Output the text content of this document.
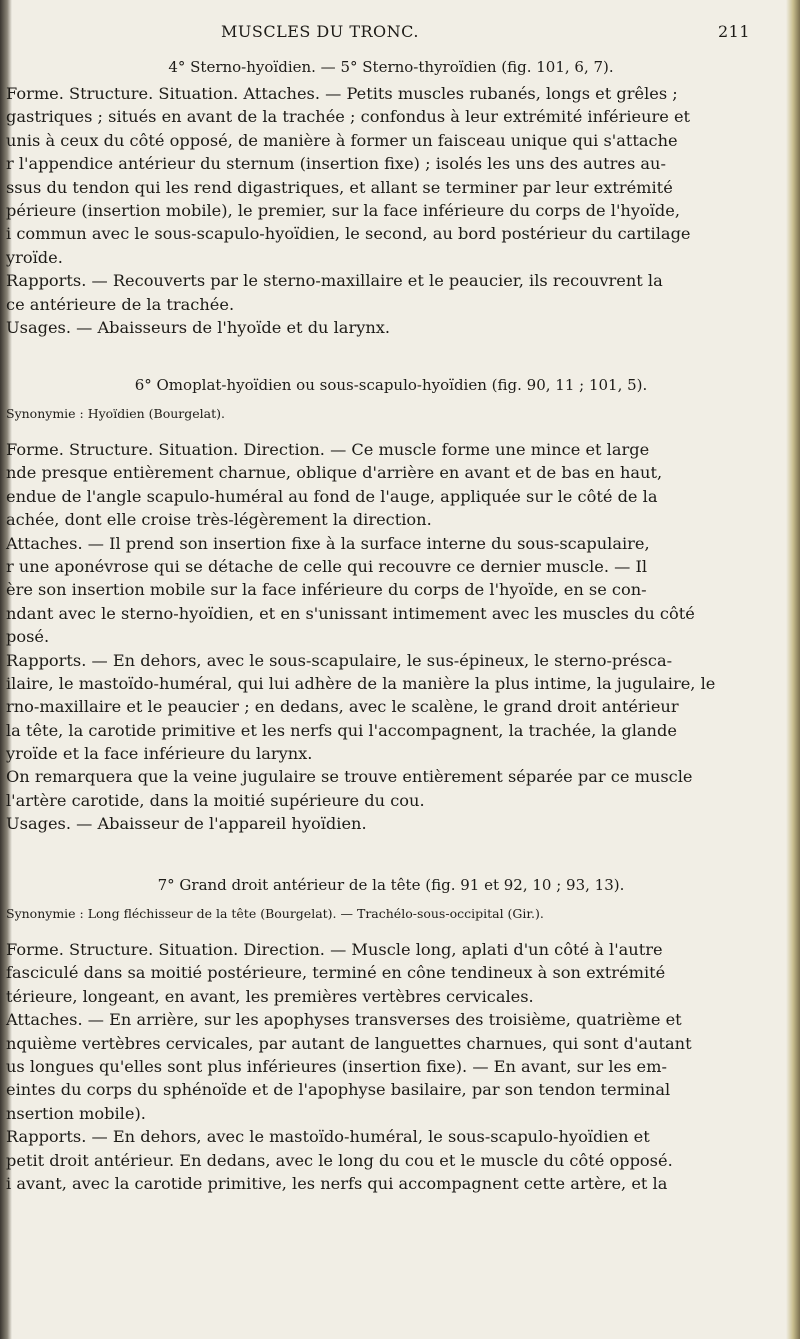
MUSCLES DU TRONC.	211
4° Sterno-hyoïdien. — 5° Sterno-thyroïdien (fig. 101, 6, 7).
Forme. Structure. Situation. Attaches. — Petits muscles rubanés, longs et grêles ;
gastriques ; situés en avant de la trachée ; confondus à leur extrémité inférieure et
unis à ceux du côté opposé, de manière à former un faisceau unique qui s'attache
r l'appendice antérieur du sternum (insertion fixe) ; isolés les uns des autres au-
ssus du tendon qui les rend digastriques, et allant se terminer par leur extrémité
périeure (insertion mobile), le premier, sur la face inférieure du corps de l'hyoïde,
i commun avec le sous-scapulo-hyoïdien, le second, au bord postérieur du cartilage
yroïde.
Rapports. — Recouverts par le sterno-maxillaire et le peaucier, ils recouvrent la
ce antérieure de la trachée.
Usages. — Abaisseurs de l'hyoïde et du larynx.
6° Omoplat-hyoïdien ou sous-scapulo-hyoïdien (fig. 90, 11 ; 101, 5).
Synonymie : Hyoïdien (Bourgelat).
Forme. Structure. Situation. Direction. — Ce muscle forme une mince et large
nde presque entièrement charnue, oblique d'arrière en avant et de bas en haut,
endue de l'angle scapulo-huméral au fond de l'auge, appliquée sur le côté de la
achée, dont elle croise très-légèrement la direction.
Attaches. — Il prend son insertion fixe à la surface interne du sous-scapulaire,
r une aponévrose qui se détache de celle qui recouvre ce dernier muscle. — Il
ère son insertion mobile sur la face inférieure du corps de l'hyoïde, en se con-
ndant avec le sterno-hyoïdien, et en s'unissant intimement avec les muscles du côté
posé.
Rapports. — En dehors, avec le sous-scapulaire, le sus-épineux, le sterno-présca-
ilaire, le mastoïdo-huméral, qui lui adhère de la manière la plus intime, la jugulaire, le
rno-maxillaire et le peaucier ; en dedans, avec le scalène, le grand droit antérieur
la tête, la carotide primitive et les nerfs qui l'accompagnent, la trachée, la glande
yroïde et la face inférieure du larynx.
On remarquera que la veine jugulaire se trouve entièrement séparée par ce muscle
l'artère carotide, dans la moitié supérieure du cou.
Usages. — Abaisseur de l'appareil hyoïdien.
7° Grand droit antérieur de la tête (fig. 91 et 92, 10 ; 93, 13).
Synonymie : Long fléchisseur de la tête (Bourgelat). — Trachélo-sous-occipital (Gir.).
Forme. Structure. Situation. Direction. — Muscle long, aplati d'un côté à l'autre
fasciculé dans sa moitié postérieure, terminé en cône tendineux à son extrémité
térieure, longeant, en avant, les premières vertèbres cervicales.
Attaches. — En arrière, sur les apophyses transverses des troisième, quatrième et
nquième vertèbres cervicales, par autant de languettes charnues, qui sont d'autant
us longues qu'elles sont plus inférieures (insertion fixe). — En avant, sur les em-
eintes du corps du sphénoïde et de l'apophyse basilaire, par son tendon terminal
nsertion mobile).
Rapports. — En dehors, avec le mastoïdo-huméral, le sous-scapulo-hyoïdien et
petit droit antérieur. En dedans, avec le long du cou et le muscle du côté opposé.
i avant, avec la carotide primitive, les nerfs qui accompagnent cette artère, et la
